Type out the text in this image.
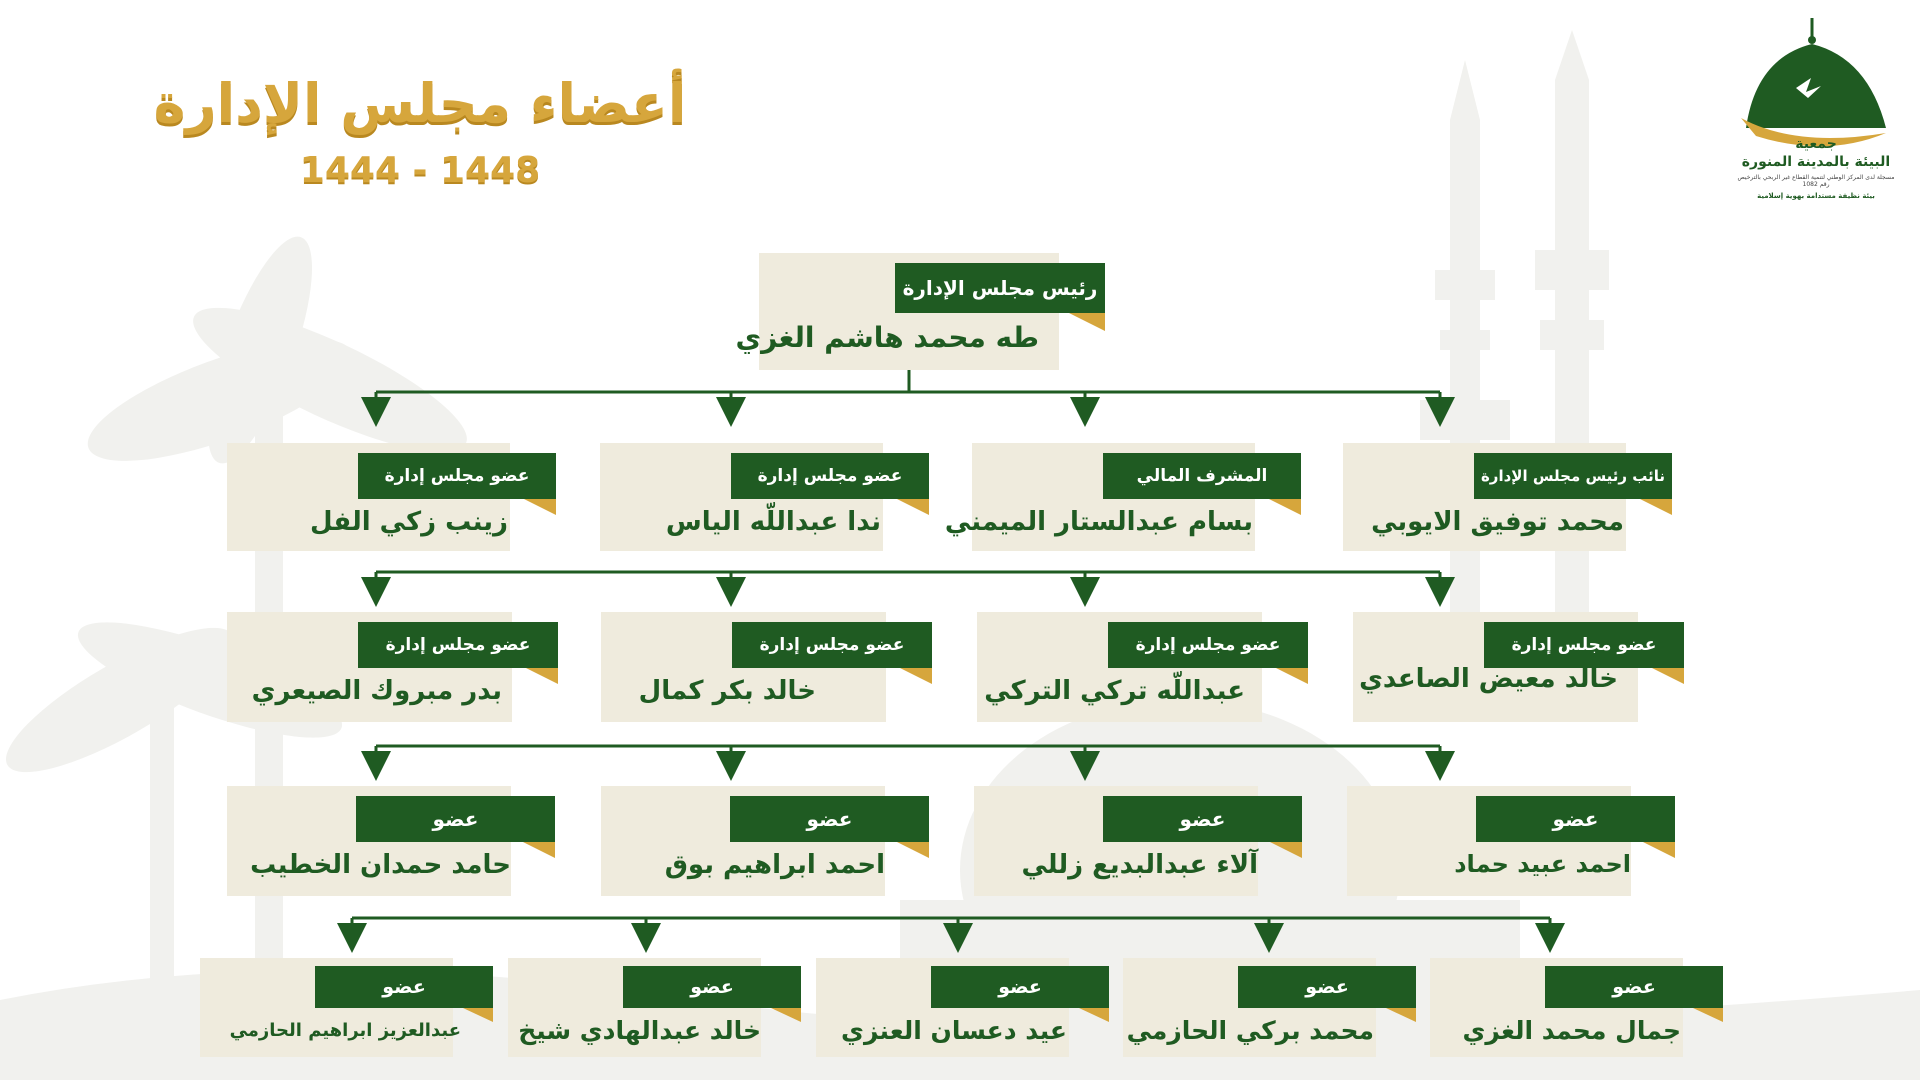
أعضاء مجلس الإدارة
1444 - 1448
جمعية
البيئة بالمدينة المنورة
مسجلة لدى المركز الوطني لتنمية القطاع غير الربحي بالترخيص رقم 1082
بيئة نظيفة مستدامة بهوية إسلامية
رئيس مجلس الإدارة
طه محمد هاشم الغزي
نائب رئيس مجلس الإدارة
محمد توفيق الايوبي
المشرف المالي
بسام عبدالستار الميمني
عضو مجلس إدارة
ندا عبداللّه الياس
عضو مجلس إدارة
زينب زكي الفل
عضو مجلس إدارة
خالد معيض الصاعدي
عضو مجلس إدارة
عبداللّه تركي التركي
عضو مجلس إدارة
خالد بكر كمال
عضو مجلس إدارة
بدر مبروك الصيعري
عضو
احمد عبيد حماد
عضو
آلاء عبدالبديع زللي
عضو
احمد ابراهيم بوق
عضو
حامد حمدان الخطيب
عضو
جمال محمد الغزي
عضو
محمد بركي الحازمي
عضو
عيد دعسان العنزي
عضو
خالد عبدالهادي شيخ
عضو
عبدالعزيز ابراهيم الحازمي
